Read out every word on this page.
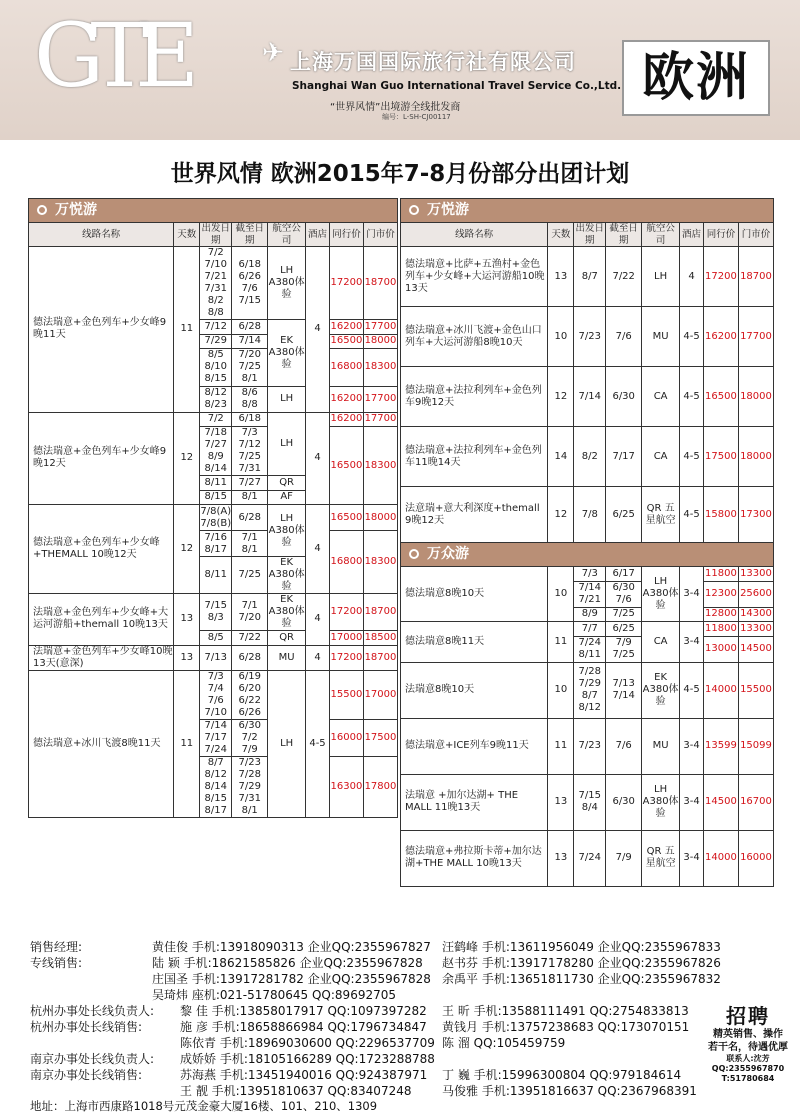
GTE	✈ 上海万国国际旅行社有限公司
Shanghai Wan Guo International Travel Service Co.,Ltd.
“世界风情”出境游全线批发商
编号：L-SH-CJ00117
欧洲
世界风情 欧洲2015年7-8月份部分出团计划
万悦游							
线路名称	天数	出发日期	截至日期	航空公司	酒店	同行价	门市价
德法瑞意+金色列车+少女峰9晚11天	11	7/2 7/10 7/21 7/31 8/2 8/8	6/18 6/26 7/6 7/15	LH A380体验	4	17200	18700
		7/12	6/28	EK A380体验		16200	17700
		7/29	7/14			16500	18000
		8/5 8/10 8/15	7/20 7/25 8/1			16800	18300
		8/12 8/23	8/6 8/8	LH		16200	17700
德法瑞意+金色列车+少女峰9晚12天	12	7/2	6/18	LH	4	16200	17700
		7/18 7/27 8/9 8/14	7/3 7/12 7/25 7/31			16500	18300
		8/11	7/27	QR			
		8/15	8/1	AF			
德法瑞意+金色列车+少女峰+THEMALL 10晚12天	12	7/8(A) 7/8(B)	6/28	LH A380体验	4	16500	18000
		7/16 8/17	7/1 8/1			16800	18300
		8/11	7/25	EK A380体验			
法瑞意+金色列车+少女峰+大运河游船+themall 10晚13天	13	7/15 8/3	7/1 7/20	EK A380体验	4	17200	18700
		8/5	7/22	QR		17000	18500
法瑞意+金色列车+少女峰10晚13天(意深)	13	7/13	6/28	MU	4	17200	18700
德法瑞意+冰川飞渡8晚11天	11	7/3 7/4 7/6 7/10	6/19 6/20 6/22 6/26	LH	4-5	15500	17000
		7/14 7/17 7/24	6/30 7/2 7/9			16000	17500
		8/7 8/12 8/14 8/15 8/17	7/23 7/28 7/29 7/31 8/1			16300	17800
万悦游							
线路名称	天数	出发日期	截至日期	航空公司	酒店	同行价	门市价
德法瑞意+比萨+五渔村+金色列车+少女峰+大运河游船10晚13天	13	8/7	7/22	LH	4	17200	18700
德法瑞意+冰川飞渡+金色山口列车+大运河游船8晚10天	10	7/23	7/6	MU	4-5	16200	17700
德法瑞意+法拉利列车+金色列车9晚12天	12	7/14	6/30	CA	4-5	16500	18000
德法瑞意+法拉利列车+金色列车11晚14天	14	8/2	7/17	CA	4-5	17500	18000
法意瑞+意大利深度+themall 9晚12天	12	7/8	6/25	QR 五星航空	4-5	15800	17300
万众游							
德法瑞意8晚10天	10	7/3	6/17	LH A380体验	3-4	11800	13300
		7/14 7/21	6/30 7/6			12300	25600
		8/9	7/25			12800	14300
德法瑞意8晚11天	11	7/7	6/25	CA	3-4	11800	13300
		7/24 8/11	7/9 7/25			13000	14500
法瑞意8晚10天	10	7/28 7/29 8/7 8/12	7/13 7/14	EK A380体验	4-5	14000	15500
德法瑞意+ICE列车9晚11天	11	7/23	7/6	MU	3-4	13599	15099
法瑞意 +加尔达湖+ THE MALL 11晚13天	13	7/15 8/4	6/30	LH A380体验	3-4	14500	16700
德法瑞意+弗拉斯卡蒂+加尔达湖+THE MALL 10晚13天	13	7/24	7/9	QR 五星航空	3-4	14000	16000
销售经理:
专线销售:
杭州办事处长线负责人:
杭州办事处长线销售:
南京办事处长线负责人:
南京办事处长线销售:
地址：上海市西康路1018号元茂金豪大厦16楼、101、210、1309
黄佳俊 手机:13918090313 企业QQ:2355967827 汪鹤峰 手机:13611956049 企业QQ:2355967833
陆 颖 手机:18621585826 企业QQ:2355967828 赵书芬 手机:13917178280 企业QQ:2355967826
庄国圣 手机:13917281782 企业QQ:2355967828 余禹平 手机:13651811730 企业QQ:2355967832
吴琦炜 座机:021-51780645 QQ:89692705
黎 佳 手机:13858017917 QQ:1097397282 王 昕 手机:13588111491 QQ:2754833813
施 彦 手机:18658866984 QQ:1796734847 黄钱月 手机:13757238683 QQ:173070151
陈依青 手机:18969030600 QQ:2296537709 陈 溜 QQ:105459759
成娇娇 手机:18105166289 QQ:1723288788
苏海燕 手机:13451940016 QQ:924387971 丁 巍 手机:15996300804 QQ:979184614
王 靓 手机:13951810637 QQ:83407248	马俊雅 手机:13951816637 QQ:2367968391
招聘
精英销售、操作
若干名，待遇优厚
联系人:沈芳
QQ:2355967870
T:51780684
